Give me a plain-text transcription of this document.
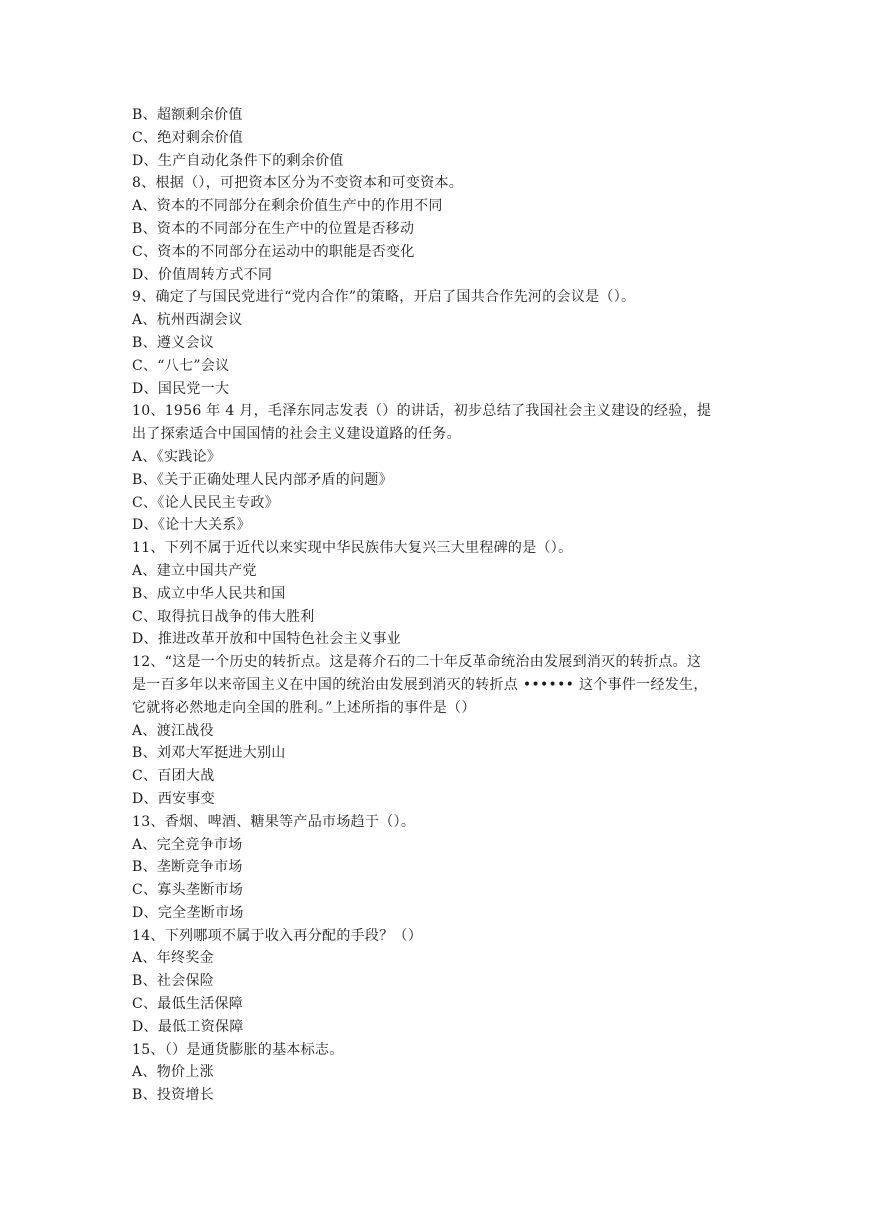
B、超额剩余价值
C、绝对剩余价值
D、生产自动化条件下的剩余价值
8、根据（），可把资本区分为不变资本和可变资本。
A、资本的不同部分在剩余价值生产中的作用不同
B、资本的不同部分在生产中的位置是否移动
C、资本的不同部分在运动中的职能是否变化
D、价值周转方式不同
9、确定了与国民党进行“党内合作”的策略，开启了国共合作先河的会议是（）。
A、杭州西湖会议
B、遵义会议
C、“八七”会议
D、国民党一大
10、1956 年 4 月，毛泽东同志发表（）的讲话，初步总结了我国社会主义建设的经验，提
出了探索适合中国国情的社会主义建设道路的任务。
A、《实践论》
B、《关于正确处理人民内部矛盾的问题》
C、《论人民民主专政》
D、《论十大关系》
11、下列不属于近代以来实现中华民族伟大复兴三大里程碑的是（）。
A、建立中国共产党
B、成立中华人民共和国
C、取得抗日战争的伟大胜利
D、推进改革开放和中国特色社会主义事业
12、“这是一个历史的转折点。这是蒋介石的二十年反革命统治由发展到消灭的转折点。这
是一百多年以来帝国主义在中国的统治由发展到消灭的转折点 •••••• 这个事件一经发生，
它就将必然地走向全国的胜利。”上述所指的事件是（）
A、渡江战役
B、刘邓大军挺进大别山
C、百团大战
D、西安事变
13、香烟、啤酒、糖果等产品市场趋于（）。
A、完全竞争市场
B、垄断竞争市场
C、寡头垄断市场
D、完全垄断市场
14、下列哪项不属于收入再分配的手段？（）
A、年终奖金
B、社会保险
C、最低生活保障
D、最低工资保障
15、（）是通货膨胀的基本标志。
A、物价上涨
B、投资增长
